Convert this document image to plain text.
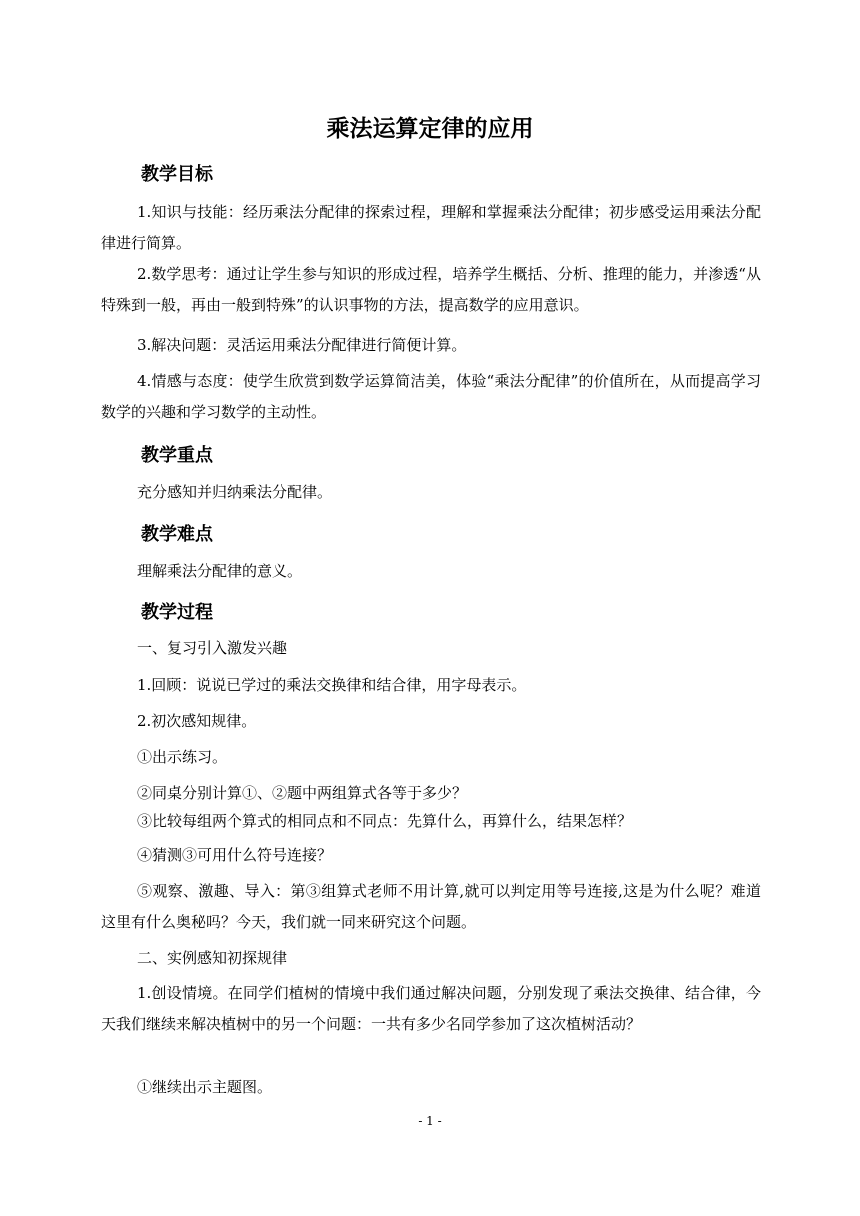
乘法运算定律的应用
教学目标

1.知识与技能：经历乘法分配律的探索过程，理解和掌握乘法分配律；初步感受运用乘法分配律进行简算。

2.数学思考：通过让学生参与知识的形成过程，培养学生概括、分析、推理的能力，并渗透“从特殊到一般，再由一般到特殊”的认识事物的方法，提高数学的应用意识。

3.解决问题：灵活运用乘法分配律进行简便计算。

4.情感与态度：使学生欣赏到数学运算简洁美，体验“乘法分配律”的价值所在，从而提高学习数学的兴趣和学习数学的主动性。

教学重点

充分感知并归纳乘法分配律。

教学难点

理解乘法分配律的意义。

教学过程

一、复习引入激发兴趣

1.回顾：说说已学过的乘法交换律和结合律，用字母表示。

2.初次感知规律。

①出示练习。

②同桌分别计算①、②题中两组算式各等于多少？

③比较每组两个算式的相同点和不同点：先算什么，再算什么，结果怎样？

④猜测③可用什么符号连接？

⑤观察、激趣、导入：第③组算式老师不用计算,就可以判定用等号连接,这是为什么呢？难道这里有什么奥秘吗？今天，我们就一同来研究这个问题。

二、实例感知初探规律

1.创设情境。在同学们植树的情境中我们通过解决问题，分别发现了乘法交换律、结合律，今天我们继续来解决植树中的另一个问题：一共有多少名同学参加了这次植树活动？

①继续出示主题图。

- 1 -
